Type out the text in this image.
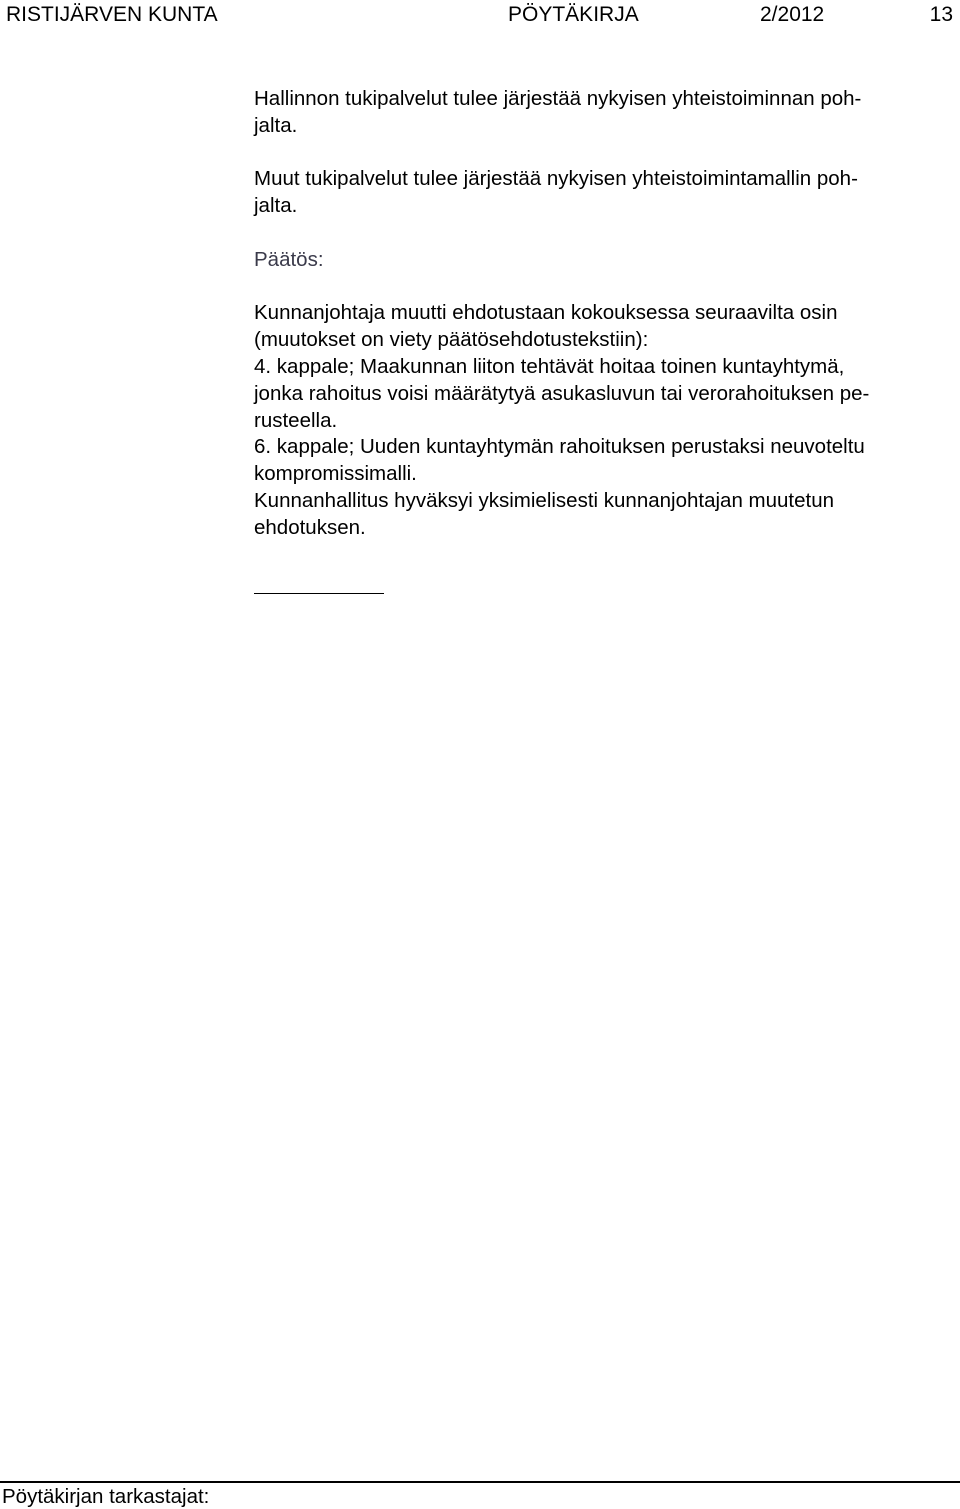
RISTIJÄRVEN KUNTA	PÖYTÄKIRJA	2/2012	13

Hallinnon tukipalvelut tulee järjestää nykyisen yhteistoiminnan poh-
jalta.

Muut tukipalvelut tulee järjestää nykyisen yhteistoimintamallin poh-
jalta.

Päätös:

Kunnanjohtaja muutti ehdotustaan kokouksessa seuraavilta osin
(muutokset on viety päätösehdotustekstiin):

4. kappale; Maakunnan liiton tehtävät hoitaa toinen kuntayhtymä,
jonka rahoitus voisi määrätytyä asukasluvun tai verorahoituksen pe-
rusteella.

6. kappale; Uuden kuntayhtymän rahoituksen perustaksi neuvoteltu
kompromissimalli.

Kunnanhallitus hyväksyi yksimielisesti kunnanjohtajan muutetun
ehdotuksen.

Pöytäkirjan tarkastajat:
